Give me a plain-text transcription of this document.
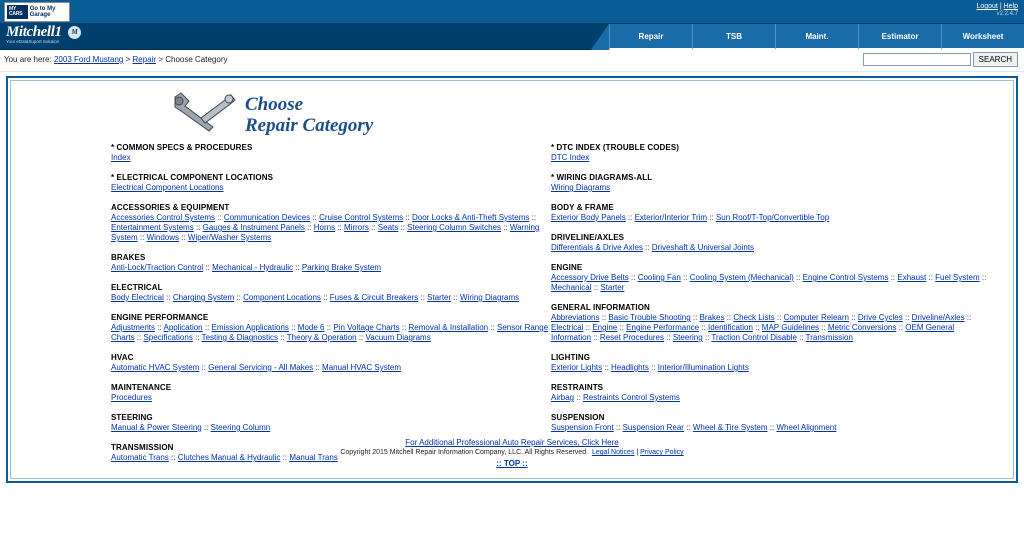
MY CARS
Go to My Garage
Logout | Help
v2.2.4.7
Mitchell1 M
Your eDataSuport Solution
Repair	TSB	Maint.	Estimator	Worksheet
You are here: 2003 Ford Mustang > Repair > Choose Category	SEARCH
Choose
Repair Category
* COMMON SPECS & PROCEDURES
Index
* ELECTRICAL COMPONENT LOCATIONS
Electrical Component Locations
ACCESSORIES & EQUIPMENT
Accessories Control Systems :: Communication Devices :: Cruise Control Systems :: Door Locks & Anti-Theft Systems :: Entertainment Systems :: Gauges & Instrument Panels :: Horns :: Mirrors :: Seats :: Steering Column Switches :: Warning System :: Windows :: Wiper/Washer Systems
BRAKES
Anti-Lock/Traction Control :: Mechanical - Hydraulic :: Parking Brake System
ELECTRICAL
Body Electrical :: Charging System :: Component Locations :: Fuses & Circuit Breakers :: Starter :: Wiring Diagrams
ENGINE PERFORMANCE
Adjustments :: Application :: Emission Applications :: Mode 6 :: Pin Voltage Charts :: Removal & Installation :: Sensor Range Charts :: Specifications :: Testing & Diagnostics :: Theory & Operation :: Vacuum Diagrams
HVAC
Automatic HVAC System :: General Servicing - All Makes :: Manual HVAC System
MAINTENANCE
Procedures
STEERING
Manual & Power Steering :: Steering Column
TRANSMISSION
Automatic Trans :: Clutches Manual & Hydraulic :: Manual Trans
* DTC INDEX (TROUBLE CODES)
DTC Index
* WIRING DIAGRAMS-ALL
Wiring Diagrams
BODY & FRAME
Exterior Body Panels :: Exterior/Interior Trim :: Sun Roof/T-Top/Convertible Top
DRIVELINE/AXLES
Differentials & Drive Axles :: Driveshaft & Universal Joints
ENGINE
Accessory Drive Belts :: Cooling Fan :: Cooling System (Mechanical) :: Engine Control Systems :: Exhaust :: Fuel System :: Mechanical :: Starter
GENERAL INFORMATION
Abbreviations :: Basic Trouble Shooting :: Brakes :: Check Lists :: Computer Relearn :: Drive Cycles :: Driveline/Axles :: Electrical :: Engine :: Engine Performance :: Identification :: MAP Guidelines :: Metric Conversions :: OEM General Information :: Reset Procedures :: Steering :: Traction Control Disable :: Transmission
LIGHTING
Exterior Lights :: Headlights :: Interior/Illumination Lights
RESTRAINTS
Airbag :: Restraints Control Systems
SUSPENSION
Suspension Front :: Suspension Rear :: Wheel & Tire System :: Wheel Alignment
For Additional Professional Auto Repair Services, Click Here
Copyright 2015 Mitchell Repair Information Company, LLC. All Rights Reserved. Legal Notices | Privacy Policy
:: TOP ::
